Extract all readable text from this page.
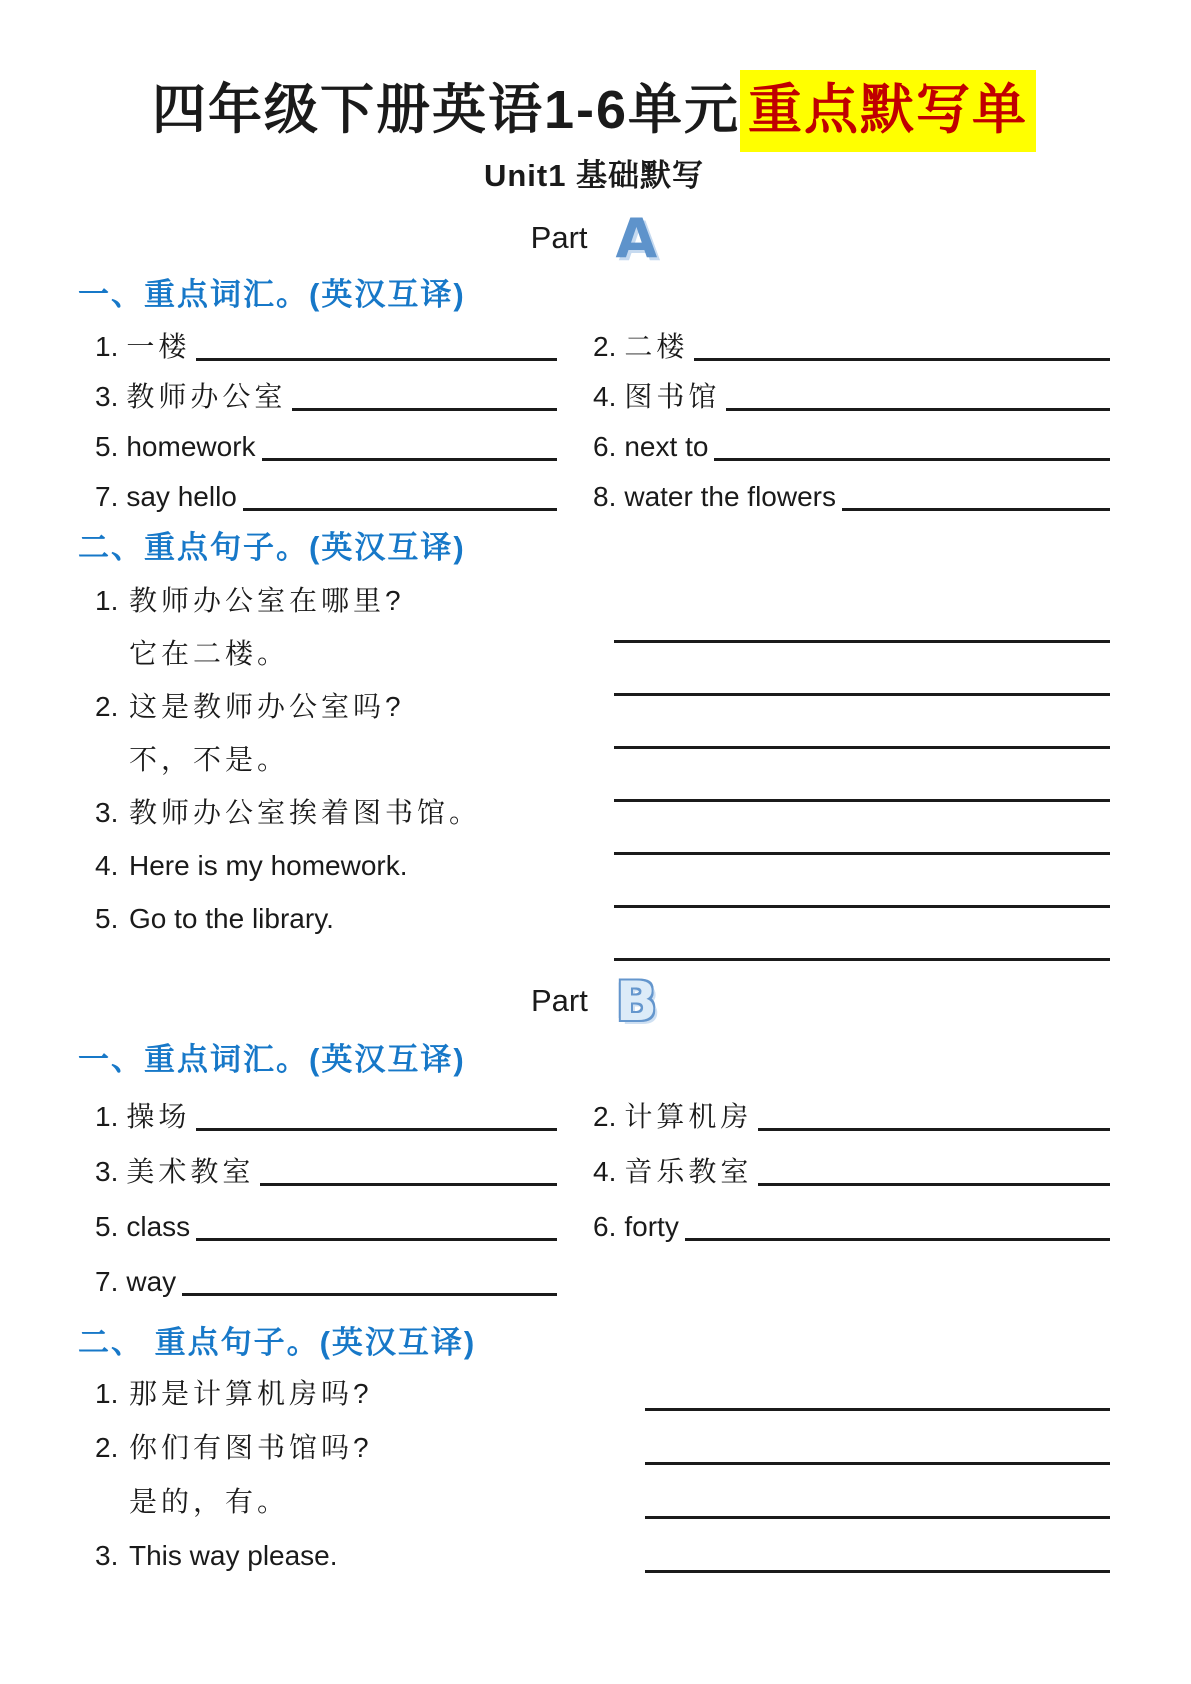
四年级下册英语1-6单元 重点默写单
Unit1 基础默写
Part A
一、重点词汇。(英汉互译)
1. 一楼	2. 二楼
3. 教师办公室	4. 图书馆
5. homework	6. next to
7. say hello	8. water the flowers
二、重点句子。(英汉互译)
1. 教师办公室在哪里?
它在二楼。
2. 这是教师办公室吗?
不，不是。
3. 教师办公室挨着图书馆。
4. Here is my homework.
5. Go to the library.
Part B
一、重点词汇。(英汉互译)
1. 操场	2. 计算机房
3. 美术教室	4. 音乐教室
5. class	6. forty
7. way
二、 重点句子。(英汉互译)
1. 那是计算机房吗?
2. 你们有图书馆吗?
是的，有。
3. This way please.
